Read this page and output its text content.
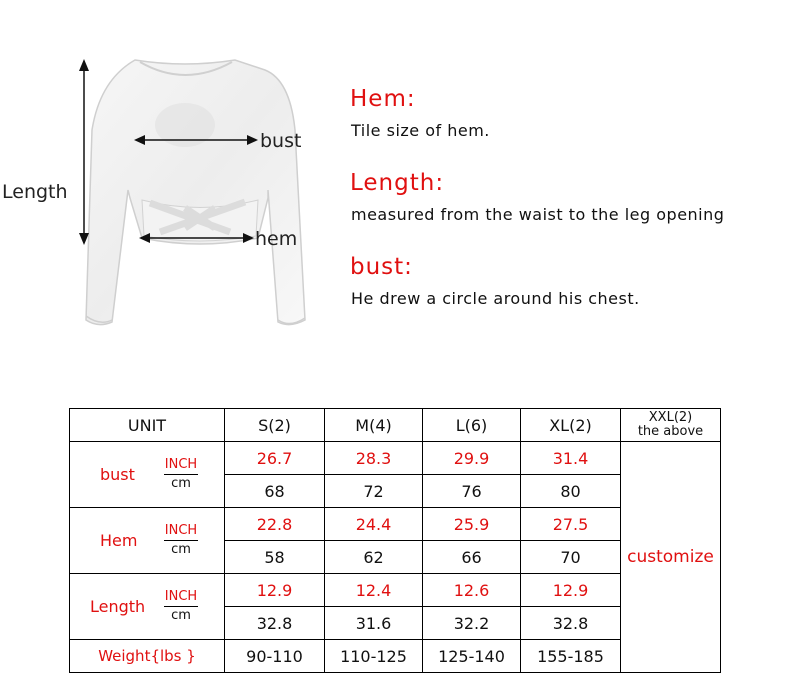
Length
bust
hem
Hem:
Tile size of hem.
Length:
measured from the waist to the leg opening
bust:
He drew a circle around his chest.
UNIT	S(2)	M(4)	L(6)	XL(2)	XXL(2)
the above

bust
INCH
cm	26.7	28.3	29.9	31.4	customize
	68	72	76	80	

Hem
INCH
cm	22.8	24.4	25.9	27.5	
	58	62	66	70	

Length
INCH
cm	12.9	12.4	12.6	12.9	
	32.8	31.6	32.2	32.8	
Weight{lbs }	90-110	110-125	125-140	155-185	
